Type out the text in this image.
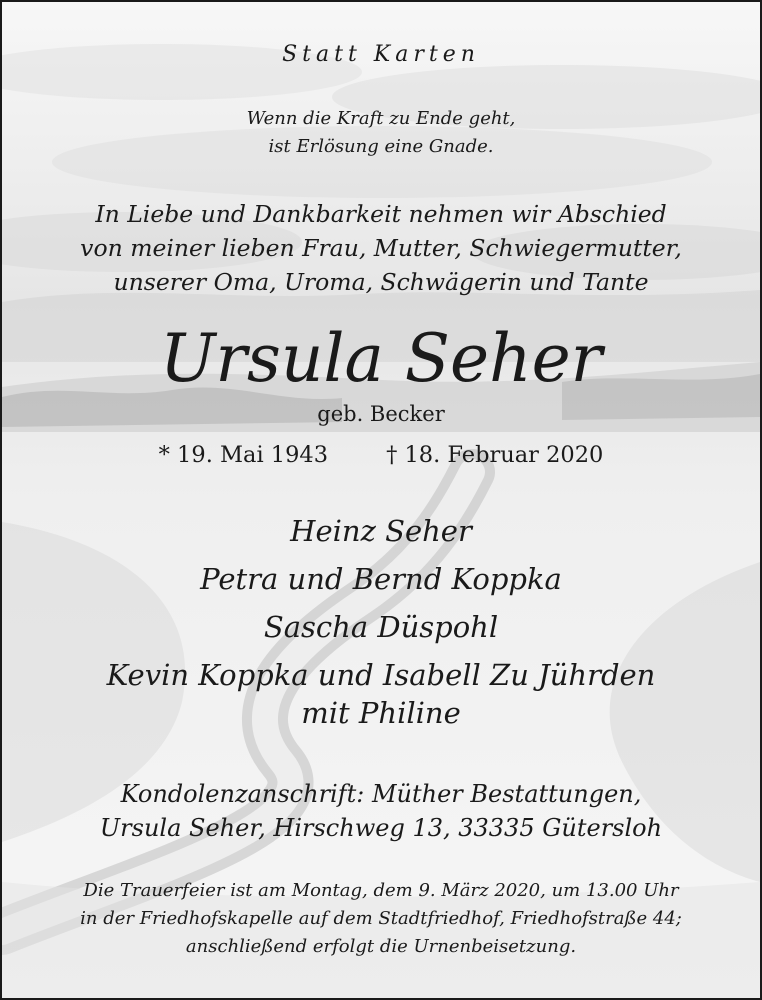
Statt Karten
Wenn die Kraft zu Ende geht,
ist Erlösung eine Gnade.
In Liebe und Dankbarkeit nehmen wir Abschied
von meiner lieben Frau, Mutter, Schwiegermutter,
unserer Oma, Uroma, Schwägerin und Tante
Ursula Seher
geb. Becker
* 19. Mai 1943	† 18. Februar 2020
Heinz Seher
Petra und Bernd Koppka
Sascha Düspohl
Kevin Koppka und Isabell Zu Jührden
mit Philine
Kondolenzanschrift: Müther Bestattungen,
Ursula Seher, Hirschweg 13, 33335 Gütersloh
Die Trauerfeier ist am Montag, dem 9. März 2020, um 13.00 Uhr
in der Friedhofskapelle auf dem Stadtfriedhof, Friedhofstraße 44;
anschließend erfolgt die Urnenbeisetzung.
